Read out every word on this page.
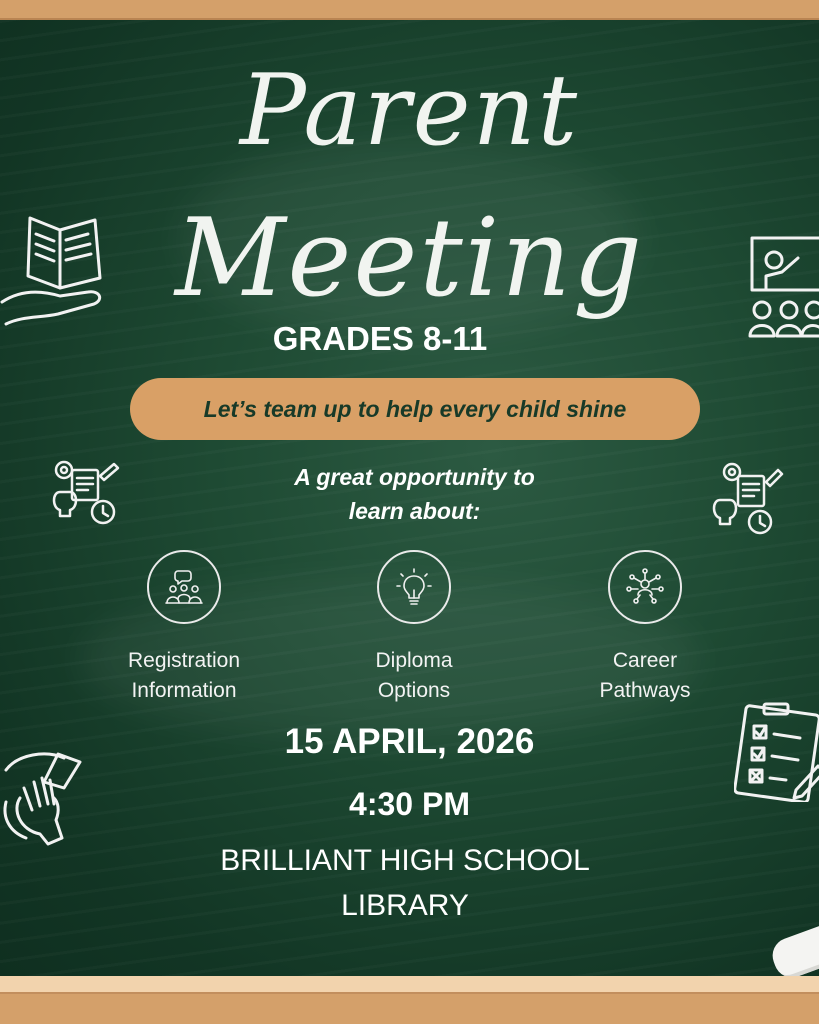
Parent
Meeting
GRADES 8-11
Let’s team up to help every child shine
A great opportunity to
learn about:
Registration
Information
Diploma
Options
Career
Pathways
15 APRIL, 2026
4:30 PM
BRILLIANT HIGH SCHOOL
LIBRARY
